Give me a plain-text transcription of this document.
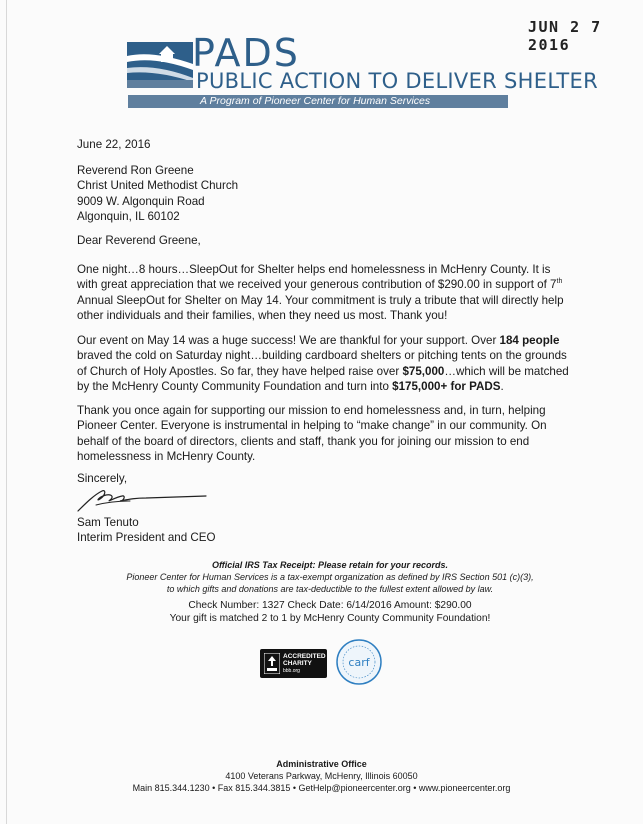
JUN 2 7 2016
PADS
PUBLIC ACTION TO DELIVER SHELTER
A Program of Pioneer Center for Human Services
June 22, 2016
Reverend Ron Greene
Christ United Methodist Church
9009 W. Algonquin Road
Algonquin, IL 60102
Dear Reverend Greene,
One night…8 hours…SleepOut for Shelter helps end homelessness in McHenry County. It is with great appreciation that we received your generous contribution of $290.00 in support of 7th Annual SleepOut for Shelter on May 14. Your commitment is truly a tribute that will directly help other individuals and their families, when they need us most. Thank you!
Our event on May 14 was a huge success! We are thankful for your support. Over 184 people braved the cold on Saturday night…building cardboard shelters or pitching tents on the grounds of Church of Holy Apostles. So far, they have helped raise over $75,000…which will be matched by the McHenry County Community Foundation and turn into $175,000+ for PADS.
Thank you once again for supporting our mission to end homelessness and, in turn, helping Pioneer Center. Everyone is instrumental in helping to “make change” in our community. On behalf of the board of directors, clients and staff, thank you for joining our mission to end homelessness in McHenry County.
Sincerely,
Sam Tenuto
Interim President and CEO
Official IRS Tax Receipt: Please retain for your records.
Pioneer Center for Human Services is a tax-exempt organization as defined by IRS Section 501 (c)(3),
to which gifts and donations are tax-deductible to the fullest extent allowed by law.
Check Number: 1327 Check Date: 6/14/2016 Amount: $290.00
Your gift is matched 2 to 1 by McHenry County Community Foundation!
ACCREDITED
CHARITY
bbb.org
carf
Administrative Office
4100 Veterans Parkway, McHenry, Illinois 60050
Main 815.344.1230 • Fax 815.344.3815 • GetHelp@pioneercenter.org • www.pioneercenter.org
